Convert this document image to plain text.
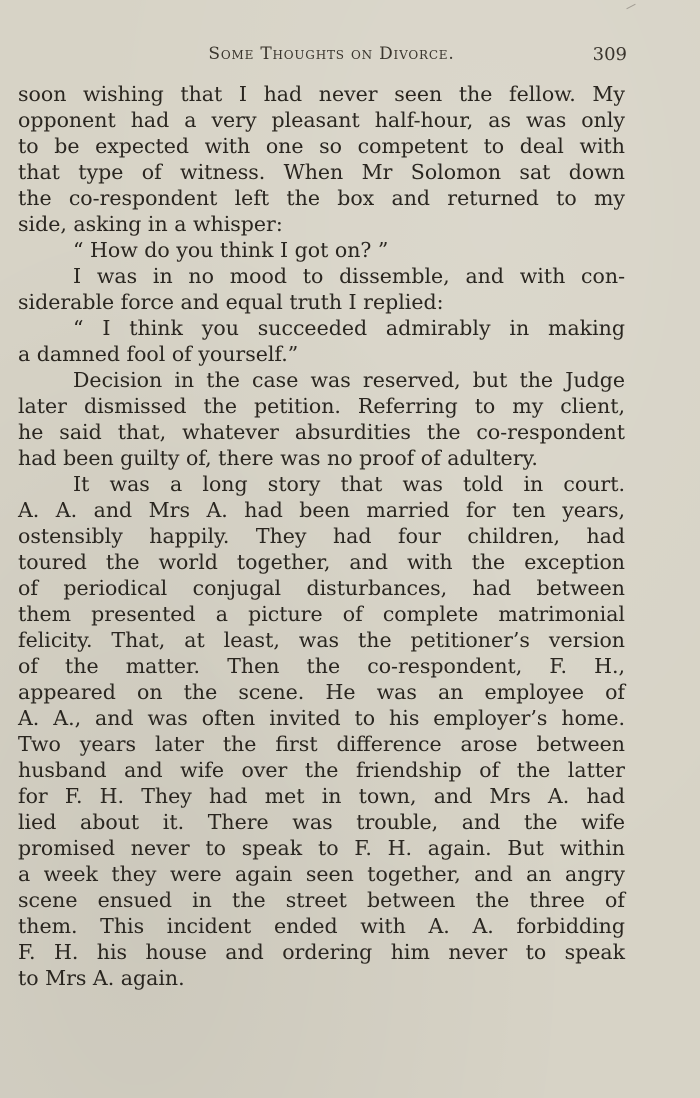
Some Thoughts on Divorce.	309
soon wishing that I had never seen the fellow. My
opponent had a very pleasant half-hour, as was only
to be expected with one so competent to deal with
that type of witness. When Mr Solomon sat down
the co-respondent left the box and returned to my
side, asking in a whisper:
“ How do you think I got on? ”
I was in no mood to dissemble, and with con-
siderable force and equal truth I replied:
“ I think you succeeded admirably in making
a damned fool of yourself.”
Decision in the case was reserved, but the Judge
later dismissed the petition. Referring to my client,
he said that, whatever absurdities the co-respondent
had been guilty of, there was no proof of adultery.
It was a long story that was told in court.
A. A. and Mrs A. had been married for ten years,
ostensibly happily. They had four children, had
toured the world together, and with the exception
of periodical conjugal disturbances, had between
them presented a picture of complete matrimonial
felicity. That, at least, was the petitioner’s version
of the matter. Then the co-respondent, F. H.,
appeared on the scene. He was an employee of
A. A., and was often invited to his employer’s home.
Two years later the first difference arose between
husband and wife over the friendship of the latter
for F. H. They had met in town, and Mrs A. had
lied about it. There was trouble, and the wife
promised never to speak to F. H. again. But within
a week they were again seen together, and an angry
scene ensued in the street between the three of
them. This incident ended with A. A. forbidding
F. H. his house and ordering him never to speak
to Mrs A. again.
